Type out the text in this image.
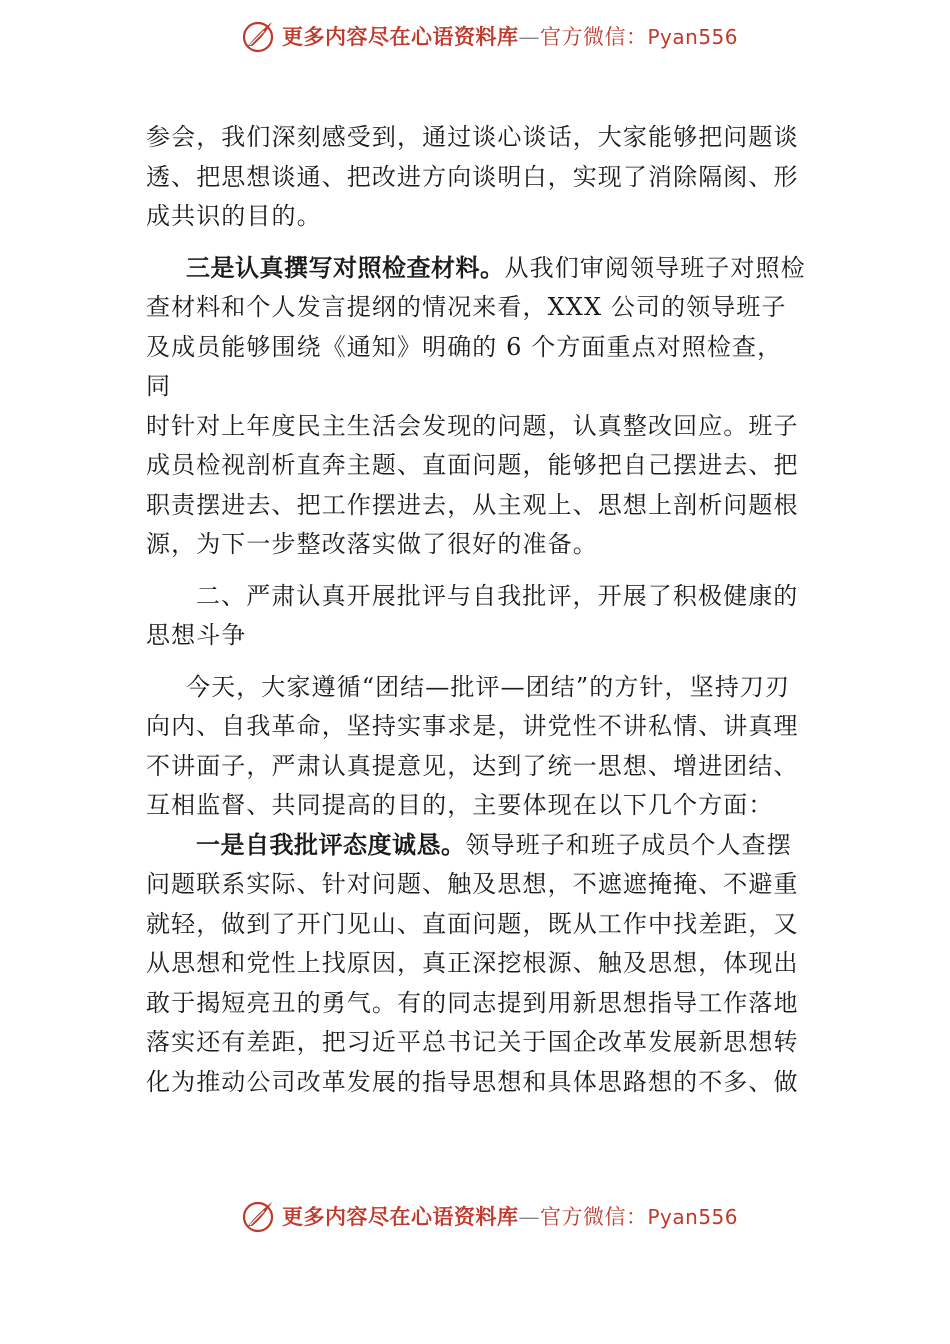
更多内容尽在心语资料库—官方微信：Pyan556

参会，我们深刻感受到，通过谈心谈话，大家能够把问题谈透、把思想谈通、把改进方向谈明白，实现了消除隔阂、形成共识的目的。

三是认真撰写对照检查材料。从我们审阅领导班子对照检查材料和个人发言提纲的情况来看，XXX 公司的领导班子及成员能够围绕《通知》明确的 6 个方面重点对照检查，同

时针对上年度民主生活会发现的问题，认真整改回应。班子成员检视剖析直奔主题、直面问题，能够把自己摆进去、把职责摆进去、把工作摆进去，从主观上、思想上剖析问题根源，为下一步整改落实做了很好的准备。

二、严肃认真开展批评与自我批评，开展了积极健康的思想斗争

今天，大家遵循“团结—批评—团结”的方针，坚持刀刃向内、自我革命，坚持实事求是，讲党性不讲私情、讲真理不讲面子，严肃认真提意见，达到了统一思想、增进团结、互相监督、共同提高的目的，主要体现在以下几个方面：

一是自我批评态度诚恳。领导班子和班子成员个人查摆问题联系实际、针对问题、触及思想，不遮遮掩掩、不避重就轻，做到了开门见山、直面问题，既从工作中找差距，又从思想和党性上找原因，真正深挖根源、触及思想，体现出敢于揭短亮丑的勇气。有的同志提到用新思想指导工作落地落实还有差距，把习近平总书记关于国企改革发展新思想转化为推动公司改革发展的指导思想和具体思路想的不多、做

更多内容尽在心语资料库—官方微信：Pyan556
